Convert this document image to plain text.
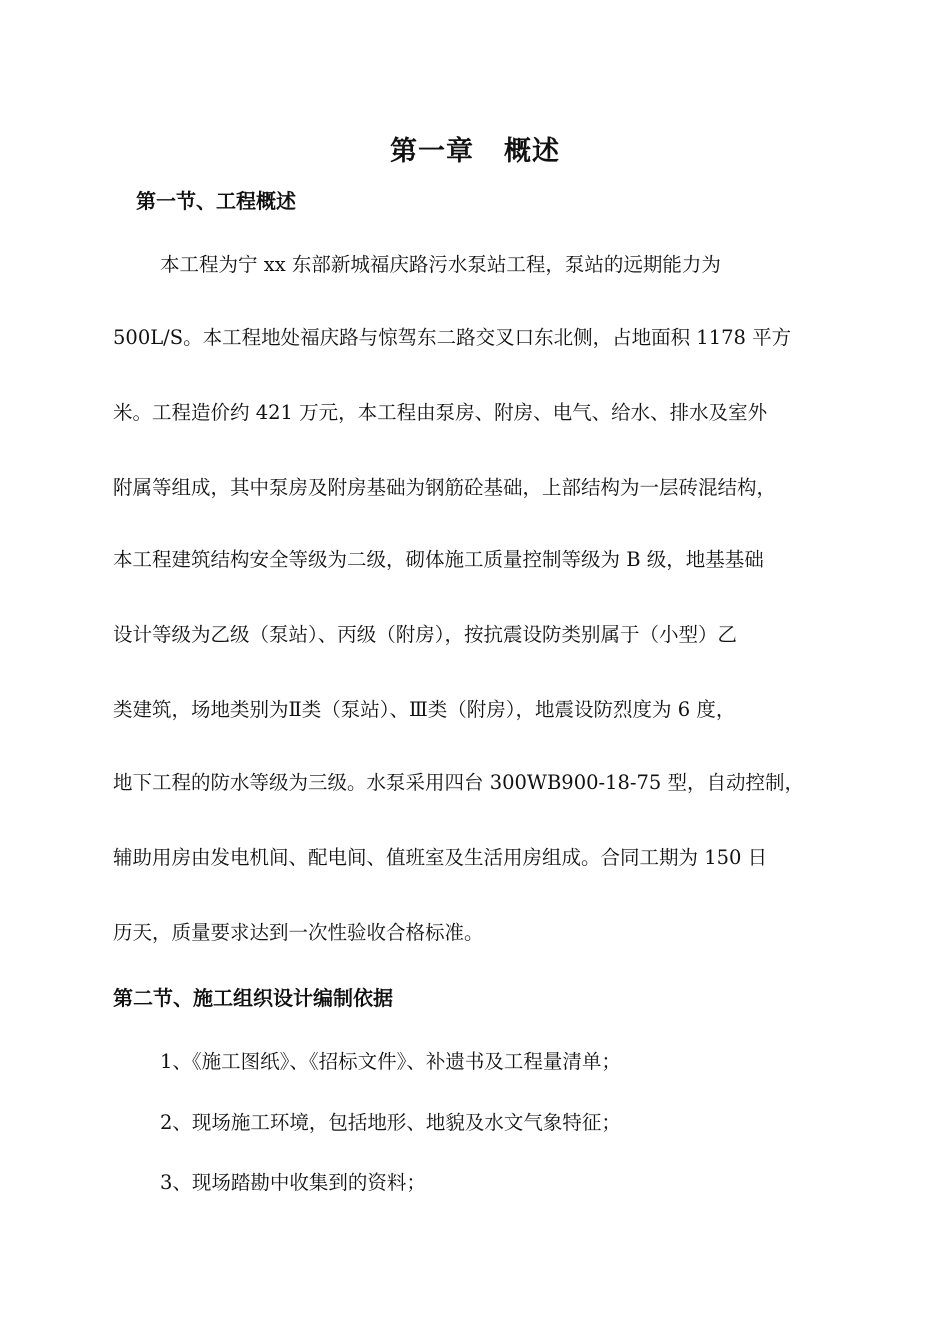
第一章 概述
第一节、工程概述
本工程为宁 xx 东部新城福庆路污水泵站工程，泵站的远期能力为
500L/S。本工程地处福庆路与惊驾东二路交叉口东北侧，占地面积 1178 平方
米。工程造价约 421 万元，本工程由泵房、附房、电气、给水、排水及室外
附属等组成，其中泵房及附房基础为钢筋砼基础，上部结构为一层砖混结构，
本工程建筑结构安全等级为二级，砌体施工质量控制等级为 B 级，地基基础
设计等级为乙级（泵站）、丙级（附房），按抗震设防类别属于（小型）乙
类建筑，场地类别为Ⅱ类（泵站）、Ⅲ类（附房），地震设防烈度为 6 度，
地下工程的防水等级为三级。水泵采用四台 300WB900-18-75 型，自动控制，
辅助用房由发电机间、配电间、值班室及生活用房组成。合同工期为 150 日
历天，质量要求达到一次性验收合格标准。
第二节、施工组织设计编制依据
1、《施工图纸》、《招标文件》、补遗书及工程量清单；
2、现场施工环境，包括地形、地貌及水文气象特征；
3、现场踏勘中收集到的资料；
